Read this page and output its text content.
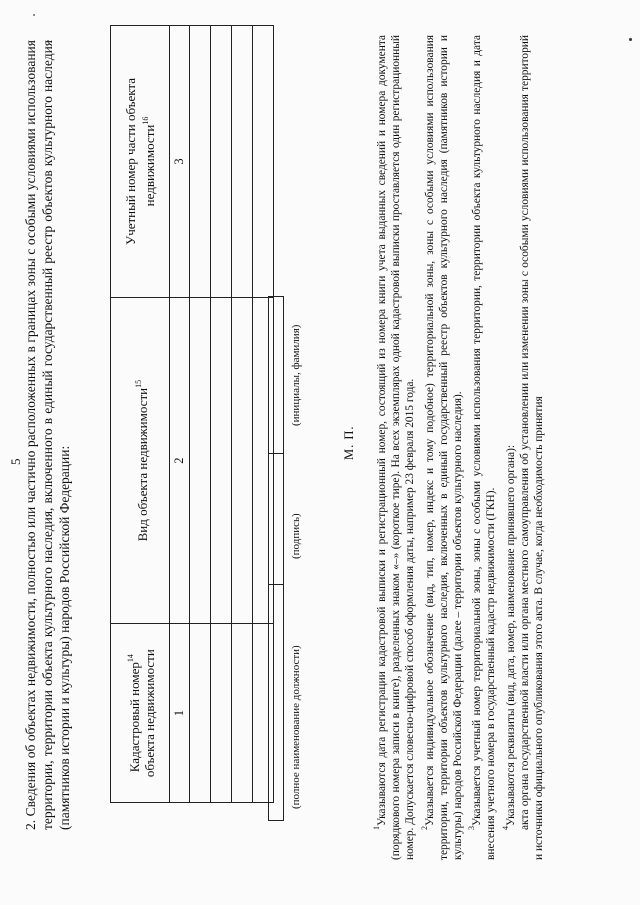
5 2. Сведения об объектах недвижимости, полностью или частично расположенных в границах зоны с особыми условиями использования территории, территории объекта культурного наследия, включенного в единый государственный реестр объектов культурного наследия (памятников истории и культуры) народов Российской Федерации:	Кадастровый номер$^{14}$ объекта недвижимости	Вид объекта недвижимости$^{15}$	Учетный номер части объекта недвижимости$^{16}$
1	2	3

(полное наименование должности)
(подпись)
(инициалы, фамилия)
М. П.

$^1$Указываются дата регистрации кадастровой выписки и регистрационный номер, состоящий из номера книги учета выданных сведений и номера документа (порядкового номера записи в книге), разделенных знаком «–» (короткое тире). На всех экземплярах одной кадастровой выписки проставляется один регистрационный номер. Допускается словесно-цифровой способ оформления даты, например 23 февраля 2015 года. $^2$Указывается индивидуальное обозначение (вид, тип, номер, индекс и тому подобное) территориальной зоны, зоны с особыми условиями использования территории, территории объектов культурного наследия, включенных в единый государственный реестр объектов культурного наследия (памятников истории и культуры) народов Российской Федерации (далее – территории объектов культурного наследия). $^3$Указывается учетный номер территориальной зоны, зоны с особыми условиями использования территории, территории объекта культурного наследия и дата внесения учетного номера в государственный кадастр недвижимости (ГКН). $^4$Указываются реквизиты (вид, дата, номер, наименование принявшего органа): акта органа государственной власти или органа местного самоуправления об установлении или изменении зоны с особыми условиями использования территорий и источники официального опубликования этого акта. В случае, когда необходимость принятия
